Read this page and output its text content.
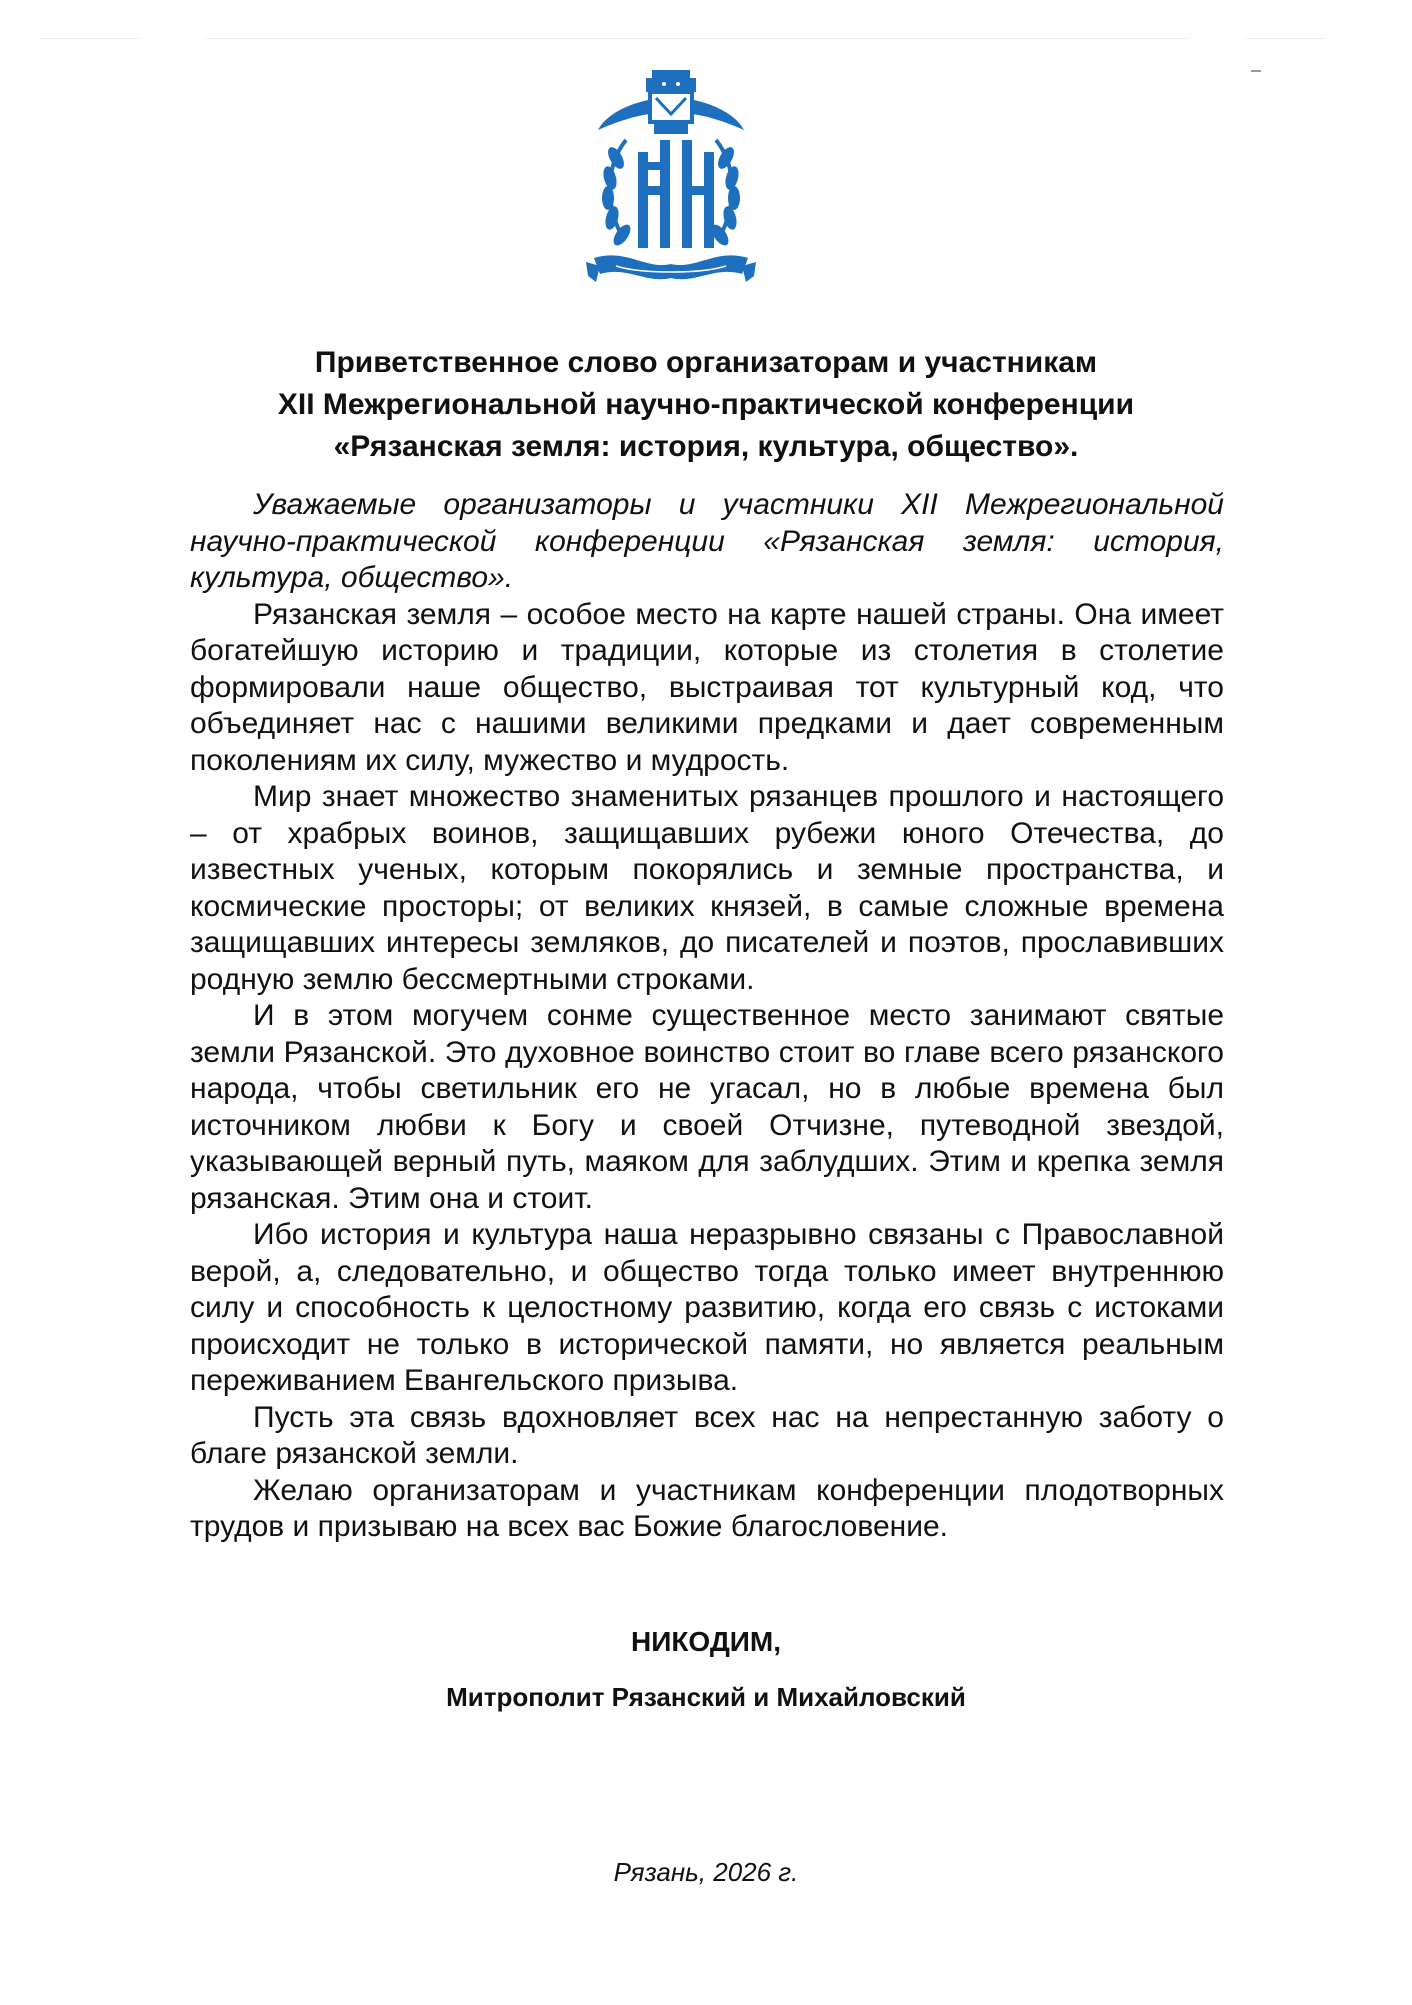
Приветственное слово организаторам и участникам
XII Межрегиональной научно-практической конференции
«Рязанская земля: история, культура, общество».

Уважаемые организаторы и участники XII Межрегиональной научно-практической конференции «Рязанская земля: история, культура, общество».

Рязанская земля – особое место на карте нашей страны. Она имеет богатейшую историю и традиции, которые из столетия в столетие формировали наше общество, выстраивая тот культурный код, что объединяет нас с нашими великими предками и дает современным поколениям их силу, мужество и мудрость.

Мир знает множество знаменитых рязанцев прошлого и настоящего – от храбрых воинов, защищавших рубежи юного Отечества, до известных ученых, которым покорялись и земные пространства, и космические просторы; от великих князей, в самые сложные времена защищавших интересы земляков, до писателей и поэтов, прославивших родную землю бессмертными строками.

И в этом могучем сонме существенное место занимают святые земли Рязанской. Это духовное воинство стоит во главе всего рязанского народа, чтобы светильник его не угасал, но в любые времена был источником любви к Богу и своей Отчизне, путеводной звездой, указывающей верный путь, маяком для заблудших. Этим и крепка земля рязанская. Этим она и стоит.

Ибо история и культура наша неразрывно связаны с Православной верой, а, следовательно, и общество тогда только имеет внутреннюю силу и способность к целостному развитию, когда его связь с истоками происходит не только в исторической памяти, но является реальным переживанием Евангельского призыва.

Пусть эта связь вдохновляет всех нас на непрестанную заботу о благе рязанской земли.

Желаю организаторам и участникам конференции плодотворных трудов и призываю на всех вас Божие благословение.

НИКОДИМ,
Митрополит Рязанский и Михайловский
Рязань, 2026 г.
